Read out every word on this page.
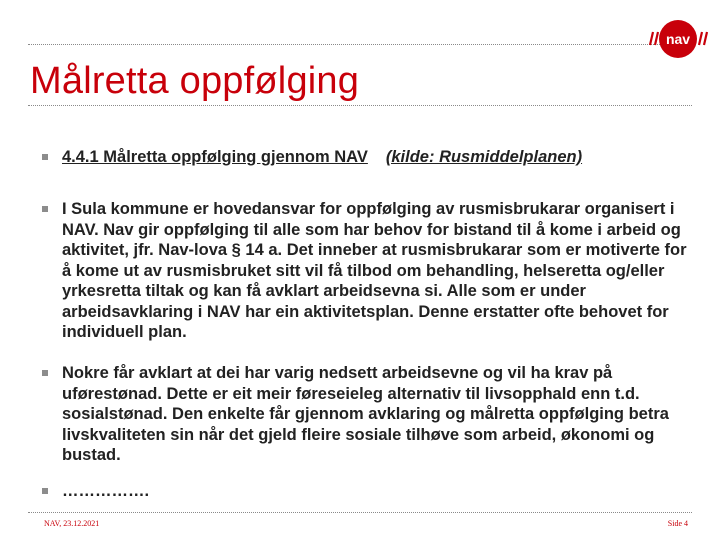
nav
Målretta oppfølging
4.4.1 Målretta oppfølging gjennom NAV (kilde: Rusmiddelplanen)
I Sula kommune er hovedansvar for oppfølging av rusmisbrukarar organisert i NAV. Nav gir oppfølging til alle som har behov for bistand til å kome i arbeid og aktivitet, jfr. Nav-lova § 14 a. Det inneber at rusmisbrukarar som er motiverte for å kome ut av rusmisbruket sitt vil få tilbod om behandling, helseretta og/eller yrkesretta tiltak og kan få avklart arbeidsevna si. Alle som er under arbeidsavklaring i NAV har ein aktivitetsplan. Denne erstatter ofte behovet for individuell plan.
Nokre får avklart at dei har varig nedsett arbeidsevne og vil ha krav på uførestønad. Dette er eit meir føreseieleg alternativ til livsopphald enn t.d. sosialstønad. Den enkelte får gjennom avklaring og målretta oppfølging betra livskvaliteten sin når det gjeld fleire sosiale tilhøve som arbeid, økonomi og bustad.
…………….
NAV, 23.12.2021	Side 4
